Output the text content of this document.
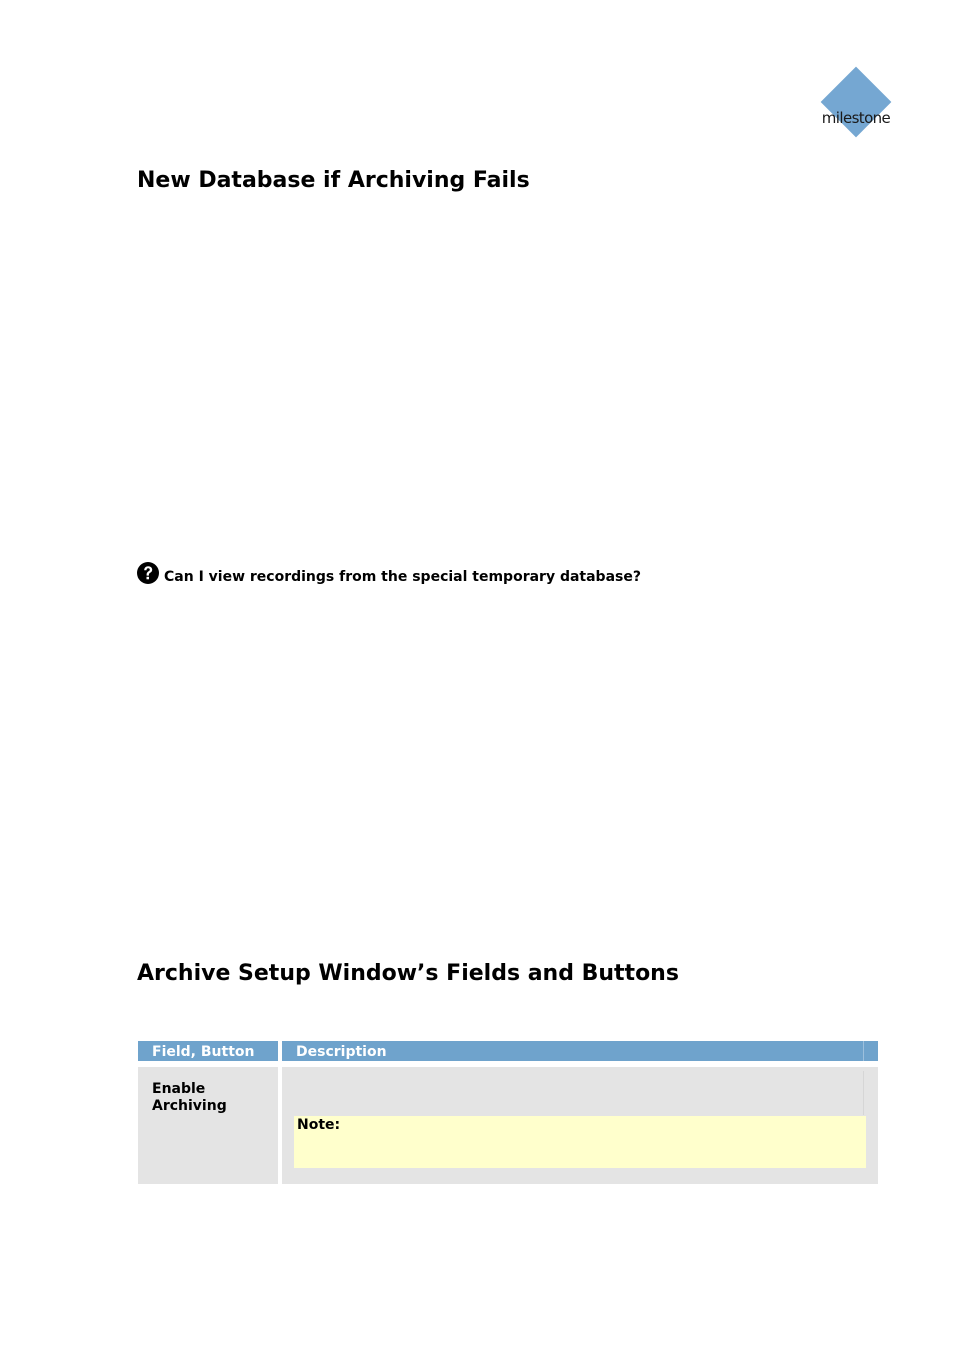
milestone
New Database if Archiving Fails
Can I view recordings from the special temporary database?
Archive Setup Window’s Fields and Buttons
Field, Button	Description
Enable Archiving
Note:
